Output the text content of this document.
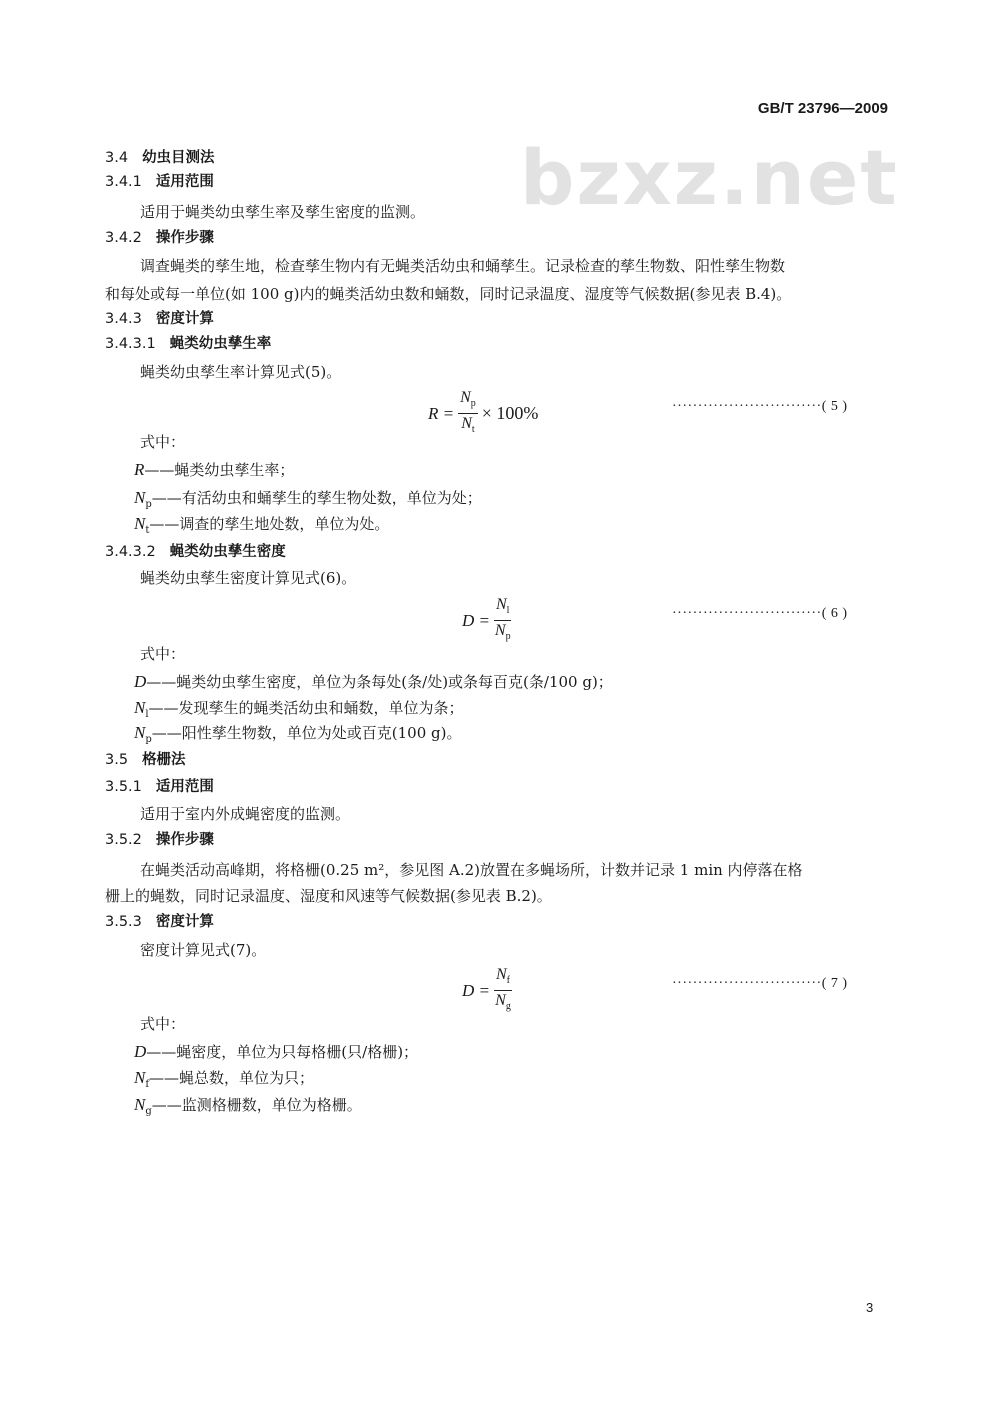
bzxz.net
GB/T 23796—2009
3.4 幼虫目测法
3.4.1 适用范围
适用于蝇类幼虫孳生率及孳生密度的监测。
3.4.2 操作步骤
调查蝇类的孳生地，检查孳生物内有无蝇类活幼虫和蛹孳生。记录检查的孳生物数、阳性孳生物数
和每处或每一单位(如 100 g)内的蝇类活幼虫数和蛹数，同时记录温度、湿度等气候数据(参见表 B.4)。
3.4.3 密度计算
3.4.3.1 蝇类幼虫孳生率
蝇类幼虫孳生率计算见式(5)。
$R = \frac{N_p}{N_t} \times 100\%$	·····························( 5 )
式中：
R——蝇类幼虫孳生率；
$N_p——$有活幼虫和蛹孳生的孳生物处数，单位为处；
$N_t——$调查的孳生地处数，单位为处。
3.4.3.2 蝇类幼虫孳生密度
蝇类幼虫孳生密度计算见式(6)。
$D = \frac{N_l}{N_p}$	·····························( 6 )
式中：
D——蝇类幼虫孳生密度，单位为条每处(条/处)或条每百克(条/100 g)；
$N_l——$发现孳生的蝇类活幼虫和蛹数，单位为条；
$N_p——$阳性孳生物数，单位为处或百克(100 g)。
3.5 格栅法
3.5.1 适用范围
适用于室内外成蝇密度的监测。
3.5.2 操作步骤
在蝇类活动高峰期，将格栅(0.25 m²，参见图 A.2)放置在多蝇场所，计数并记录 1 min 内停落在格
栅上的蝇数，同时记录温度、湿度和风速等气候数据(参见表 B.2)。
3.5.3 密度计算
密度计算见式(7)。
$D = \frac{N_f}{N_g}$	·····························( 7 )
式中：
D——蝇密度，单位为只每格栅(只/格栅)；
$N_f——$蝇总数，单位为只；
$N_g——$监测格栅数，单位为格栅。
3
